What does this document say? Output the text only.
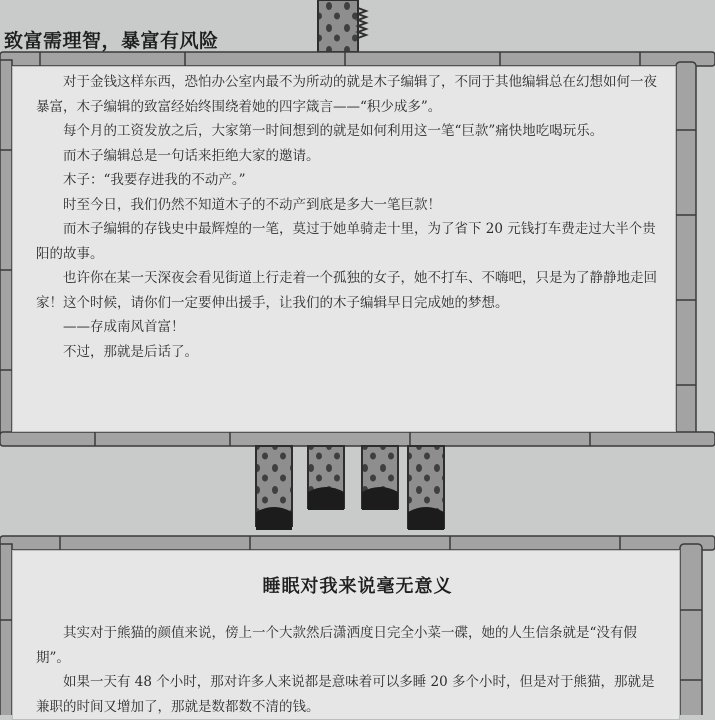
致富需理智，暴富有风险

对于金钱这样东西，恐怕办公室内最不为所动的就是木子编辑了，不同于其他编辑总在幻想如何一夜暴富，木子编辑的致富经始终围绕着她的四字箴言——“积少成多”。

每个月的工资发放之后，大家第一时间想到的就是如何利用这一笔“巨款”痛快地吃喝玩乐。

而木子编辑总是一句话来拒绝大家的邀请。

木子：“我要存进我的不动产。”

时至今日，我们仍然不知道木子的不动产到底是多大一笔巨款！

而木子编辑的存钱史中最辉煌的一笔，莫过于她单骑走十里，为了省下 20 元钱打车费走过大半个贵阳的故事。

也许你在某一天深夜会看见街道上行走着一个孤独的女子，她不打车、不嗨吧，只是为了静静地走回家！这个时候，请你们一定要伸出援手，让我们的木子编辑早日完成她的梦想。

——存成南风首富！

不过，那就是后话了。

睡眠对我来说毫无意义

其实对于熊猫的颜值来说，傍上一个大款然后潇洒度日完全小菜一碟，她的人生信条就是“没有假期”。

如果一天有 48 个小时，那对许多人来说都是意味着可以多睡 20 多个小时，但是对于熊猫，那就是兼职的时间又增加了，那就是数都数不清的钱。
